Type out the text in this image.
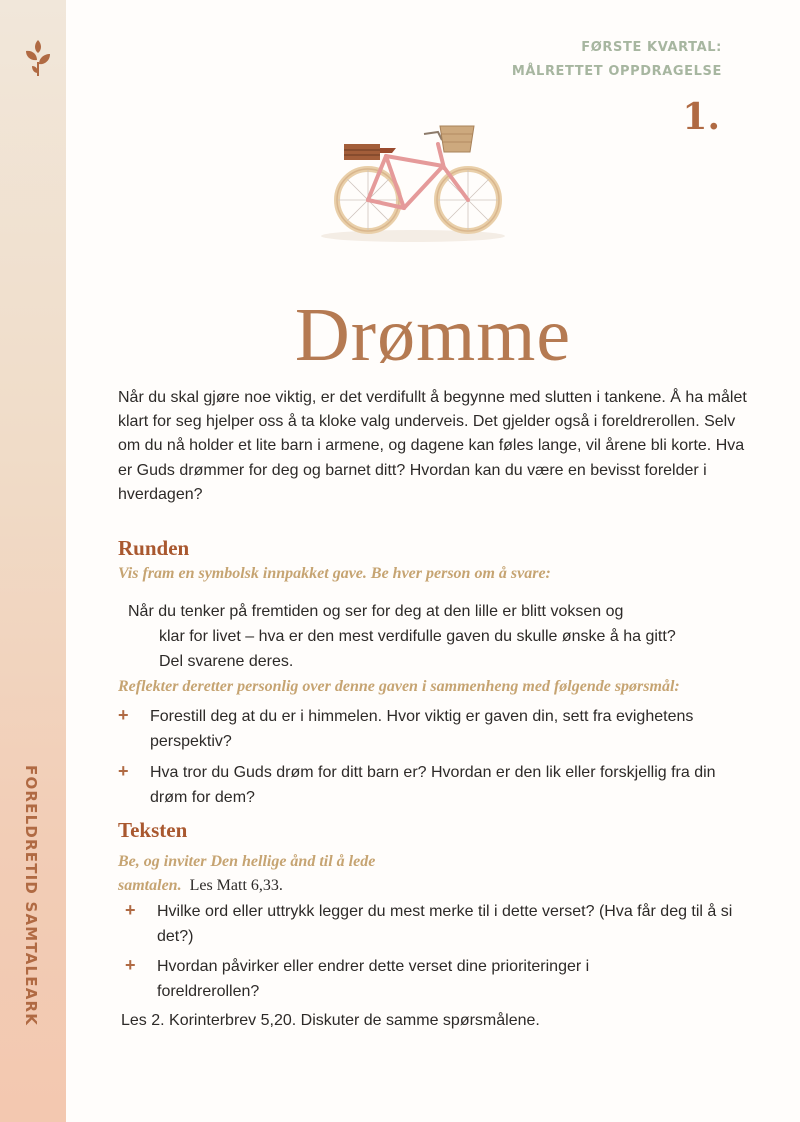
FORELDRETID SAMTALEARK
FØRSTE KVARTAL:
MÅLRETTET OPPDRAGELSE
1.
Drømme
Når du skal gjøre noe viktig, er det verdifullt å begynne med slutten i tankene. Å ha målet klart for seg hjelper oss å ta kloke valg underveis. Det gjelder også i foreldrerollen. Selv om du nå holder et lite barn i armene, og dagene kan føles lange, vil årene bli korte. Hva er Guds drømmer for deg og barnet ditt? Hvordan kan du være en bevisst forelder i hverdagen?
Runden
Vis fram en symbolsk innpakket gave. Be hver person om å svare:
Når du tenker på fremtiden og ser for deg at den lille er blitt voksen og
klar for livet – hva er den mest verdifulle gaven du skulle ønske å ha gitt?
Del svarene deres.
Reflekter deretter personlig over denne gaven i sammenheng med følgende spørsmål:
+	Forestill deg at du er i himmelen. Hvor viktig er gaven din, sett fra evighetens perspektiv?
+	Hva tror du Guds drøm for ditt barn er? Hvordan er den lik eller forskjellig fra din drøm for dem?
Teksten
Be, og inviter Den hellige ånd til å lede
samtalen. Les Matt 6,33.
+	Hvilke ord eller uttrykk legger du mest merke til i dette verset? (Hva får deg til å si det?)
+	Hvordan påvirker eller endrer dette verset dine prioriteringer i foreldrerollen?
Les 2. Korinterbrev 5,20. Diskuter de samme spørsmålene.
